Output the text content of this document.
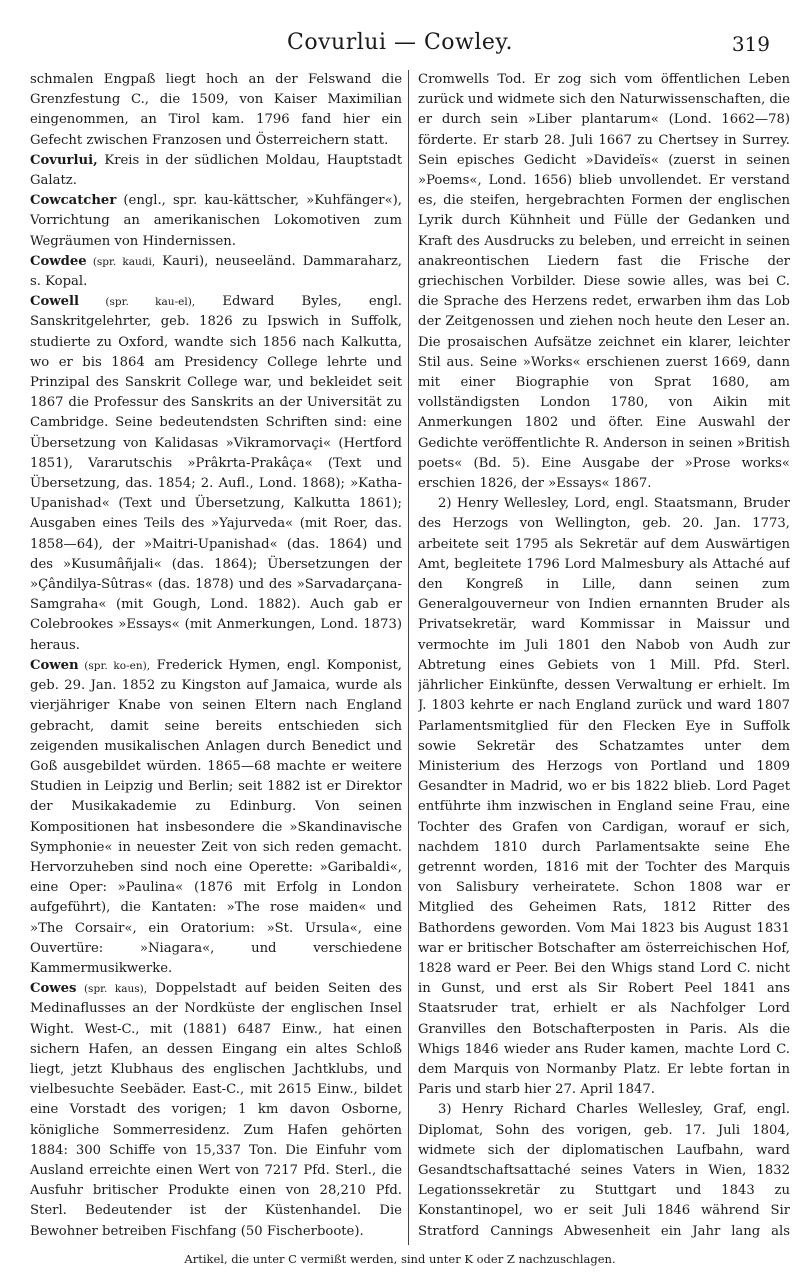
Covurlui — Cowley.	319

schmalen Engpaß liegt hoch an der Felswand die Grenzfestung C., die 1509, von Kaiser Maximilian eingenommen, an Tirol kam. 1796 fand hier ein Gefecht zwischen Franzosen und Österreichern statt.

Covurlui, Kreis in der südlichen Moldau, Hauptstadt Galatz.

Cowcatcher (engl., spr. kau-kättscher, »Kuhfänger«), Vorrichtung an amerikanischen Lokomotiven zum Wegräumen von Hindernissen.

Cowdee (spr. kaudi, Kauri), neuseeländ. Dammaraharz, s. Kopal.

Cowell (spr. kau-el), Edward Byles, engl. Sanskritgelehrter, geb. 1826 zu Ipswich in Suffolk, studierte zu Oxford, wandte sich 1856 nach Kalkutta, wo er bis 1864 am Presidency College lehrte und Prinzipal des Sanskrit College war, und bekleidet seit 1867 die Professur des Sanskrits an der Universität zu Cambridge. Seine bedeutendsten Schriften sind: eine Übersetzung von Kalidasas »Vikramorvaçi« (Hertford 1851), Vararutschis »Prâkrta-Prakâça« (Text und Übersetzung, das. 1854; 2. Aufl., Lond. 1868); »Katha-Upanishad« (Text und Übersetzung, Kalkutta 1861); Ausgaben eines Teils des »Yajurveda« (mit Roer, das. 1858—64), der »Maitri-Upanishad« (das. 1864) und des »Kusumâñjali« (das. 1864); Übersetzungen der »Çândilya-Sûtras« (das. 1878) und des »Sarvadarçana-Samgraha« (mit Gough, Lond. 1882). Auch gab er Colebrookes »Essays« (mit Anmerkungen, Lond. 1873) heraus.

Cowen (spr. ko-en), Frederick Hymen, engl. Komponist, geb. 29. Jan. 1852 zu Kingston auf Jamaica, wurde als vierjähriger Knabe von seinen Eltern nach England gebracht, damit seine bereits entschieden sich zeigenden musikalischen Anlagen durch Benedict und Goß ausgebildet würden. 1865—68 machte er weitere Studien in Leipzig und Berlin; seit 1882 ist er Direktor der Musikakademie zu Edinburg. Von seinen Kompositionen hat insbesondere die »Skandinavische Symphonie« in neuester Zeit von sich reden gemacht. Hervorzuheben sind noch eine Operette: »Garibaldi«, eine Oper: »Paulina« (1876 mit Erfolg in London aufgeführt), die Kantaten: »The rose maiden« und »The Corsair«, ein Oratorium: »St. Ursula«, eine Ouvertüre: »Niagara«, und verschiedene Kammermusikwerke.

Cowes (spr. kaus), Doppelstadt auf beiden Seiten des Medinaflusses an der Nordküste der englischen Insel Wight. West-C., mit (1881) 6487 Einw., hat einen sichern Hafen, an dessen Eingang ein altes Schloß liegt, jetzt Klubhaus des englischen Jachtklubs, und vielbesuchte Seebäder. East-C., mit 2615 Einw., bildet eine Vorstadt des vorigen; 1 km davon Osborne, königliche Sommerresidenz. Zum Hafen gehörten 1884: 300 Schiffe von 15,337 Ton. Die Einfuhr vom Ausland erreichte einen Wert von 7217 Pfd. Sterl., die Ausfuhr britischer Produkte einen von 28,210 Pfd. Sterl. Bedeutender ist der Küstenhandel. Die Bewohner betreiben Fischfang (50 Fischerboote).

Cromwells Tod. Er zog sich vom öffentlichen Leben zurück und widmete sich den Naturwissenschaften, die er durch sein »Liber plantarum« (Lond. 1662—78) förderte. Er starb 28. Juli 1667 zu Chertsey in Surrey. Sein episches Gedicht »Davideïs« (zuerst in seinen »Poems«, Lond. 1656) blieb unvollendet. Er verstand es, die steifen, hergebrachten Formen der englischen Lyrik durch Kühnheit und Fülle der Gedanken und Kraft des Ausdrucks zu beleben, und erreicht in seinen anakreontischen Liedern fast die Frische der griechischen Vorbilder. Diese sowie alles, was bei C. die Sprache des Herzens redet, erwarben ihm das Lob der Zeitgenossen und ziehen noch heute den Leser an. Die prosaischen Aufsätze zeichnet ein klarer, leichter Stil aus. Seine »Works« erschienen zuerst 1669, dann mit einer Biographie von Sprat 1680, am vollständigsten London 1780, von Aikin mit Anmerkungen 1802 und öfter. Eine Auswahl der Gedichte veröffentlichte R. Anderson in seinen »British poets« (Bd. 5). Eine Ausgabe der »Prose works« erschien 1826, der »Essays« 1867.

2) Henry Wellesley, Lord, engl. Staatsmann, Bruder des Herzogs von Wellington, geb. 20. Jan. 1773, arbeitete seit 1795 als Sekretär auf dem Auswärtigen Amt, begleitete 1796 Lord Malmesbury als Attaché auf den Kongreß in Lille, dann seinen zum Generalgouverneur von Indien ernannten Bruder als Privatsekretär, ward Kommissar in Maissur und vermochte im Juli 1801 den Nabob von Audh zur Abtretung eines Gebiets von 1 Mill. Pfd. Sterl. jährlicher Einkünfte, dessen Verwaltung er erhielt. Im J. 1803 kehrte er nach England zurück und ward 1807 Parlamentsmitglied für den Flecken Eye in Suffolk sowie Sekretär des Schatzamtes unter dem Ministerium des Herzogs von Portland und 1809 Gesandter in Madrid, wo er bis 1822 blieb. Lord Paget entführte ihm inzwischen in England seine Frau, eine Tochter des Grafen von Cardigan, worauf er sich, nachdem 1810 durch Parlamentsakte seine Ehe getrennt worden, 1816 mit der Tochter des Marquis von Salisbury verheiratete. Schon 1808 war er Mitglied des Geheimen Rats, 1812 Ritter des Bathordens geworden. Vom Mai 1823 bis August 1831 war er britischer Botschafter am österreichischen Hof, 1828 ward er Peer. Bei den Whigs stand Lord C. nicht in Gunst, und erst als Sir Robert Peel 1841 ans Staatsruder trat, erhielt er als Nachfolger Lord Granvilles den Botschafterposten in Paris. Als die Whigs 1846 wieder ans Ruder kamen, machte Lord C. dem Marquis von Normanby Platz. Er lebte fortan in Paris und starb hier 27. April 1847.

3) Henry Richard Charles Wellesley, Graf, engl. Diplomat, Sohn des vorigen, geb. 17. Juli 1804, widmete sich der diplomatischen Laufbahn, ward Gesandtschaftsattaché seines Vaters in Wien, 1832 Legationssekretär zu Stuttgart und 1843 zu Konstantinopel, wo er seit Juli 1846 während Sir Stratford Cannings Abwesenheit ein Jahr lang als

Artikel, die unter C vermißt werden, sind unter K oder Z nachzuschlagen.
